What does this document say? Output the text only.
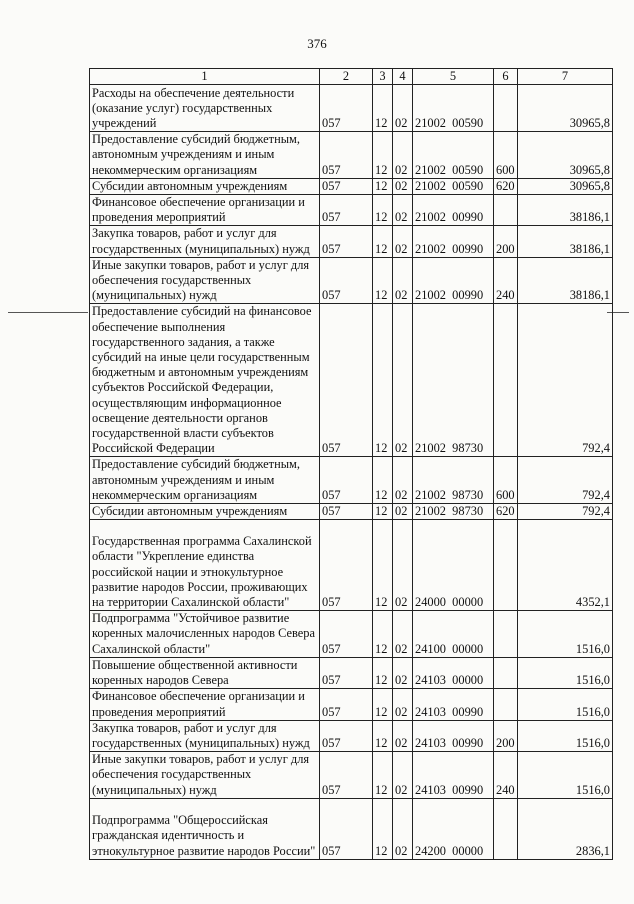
376
1	2	3	4	5	6	7
Расходы на обеспечение деятельности (оказание услуг) государственных учреждений	057	12	02	21002  00590		30965,8
Предоставление субсидий бюджетным, автономным учреждениям и иным некоммерческим организациям	057	12	02	21002  00590	600	30965,8
Субсидии автономным учреждениям	057	12	02	21002  00590	620	30965,8
Финансовое обеспечение организации и проведения мероприятий	057	12	02	21002  00990		38186,1
Закупка товаров, работ и услуг для государственных (муниципальных) нужд	057	12	02	21002  00990	200	38186,1
Иные закупки товаров, работ и услуг для обеспечения государственных (муниципальных) нужд	057	12	02	21002  00990	240	38186,1
Предоставление субсидий на финансовое обеспечение выполнения государственного задания, а также субсидий на иные цели государственным бюджетным и автономным учреждениям субъектов Российской Федерации, осуществляющим информационное освещение деятельности органов государственной власти субъектов Российской Федерации	057	12	02	21002  98730		792,4
Предоставление субсидий бюджетным, автономным учреждениям и иным некоммерческим организациям	057	12	02	21002  98730	600	792,4
Субсидии автономным учреждениям	057	12	02	21002  98730	620	792,4
Государственная программа Сахалинской области "Укрепление единства российской нации и этнокультурное развитие народов России, проживающих на территории Сахалинской области"	057	12	02	24000  00000		4352,1
Подпрограмма "Устойчивое развитие коренных малочисленных народов Севера Сахалинской области"	057	12	02	24100  00000		1516,0
Повышение общественной активности коренных народов Севера	057	12	02	24103  00000		1516,0
Финансовое обеспечение организации и проведения мероприятий	057	12	02	24103  00990		1516,0
Закупка товаров, работ и услуг для государственных (муниципальных) нужд	057	12	02	24103  00990	200	1516,0
Иные закупки товаров, работ и услуг для обеспечения государственных (муниципальных) нужд	057	12	02	24103  00990	240	1516,0
Подпрограмма "Общероссийская гражданская идентичность и этнокультурное развитие народов России"	057	12	02	24200  00000		2836,1
